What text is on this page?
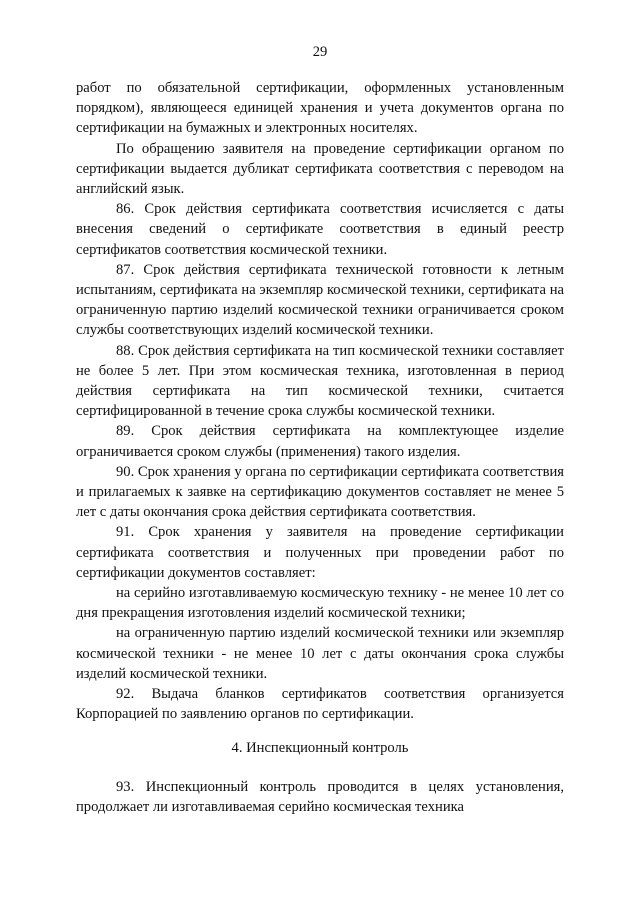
29

работ по обязательной сертификации, оформленных установленным порядком), являющееся единицей хранения и учета документов органа по сертификации на бумажных и электронных носителях.

По обращению заявителя на проведение сертификации органом по сертификации выдается дубликат сертификата соответствия с переводом на английский язык.

86. Срок действия сертификата соответствия исчисляется с даты внесения сведений о сертификате соответствия в единый реестр сертификатов соответствия космической техники.

87. Срок действия сертификата технической готовности к летным испытаниям, сертификата на экземпляр космической техники, сертификата на ограниченную партию изделий космической техники ограничивается сроком службы соответствующих изделий космической техники.

88. Срок действия сертификата на тип космической техники составляет не более 5 лет. При этом космическая техника, изготовленная в период действия сертификата на тип космической техники, считается сертифицированной в течение срока службы космической техники.

89. Срок действия сертификата на комплектующее изделие ограничивается сроком службы (применения) такого изделия.

90. Срок хранения у органа по сертификации сертификата соответствия и прилагаемых к заявке на сертификацию документов составляет не менее 5 лет с даты окончания срока действия сертификата соответствия.

91. Срок хранения у заявителя на проведение сертификации сертификата соответствия и полученных при проведении работ по сертификации документов составляет:

на серийно изготавливаемую космическую технику - не менее 10 лет со дня прекращения изготовления изделий космической техники;

на ограниченную партию изделий космической техники или экземпляр космической техники - не менее 10 лет с даты окончания срока службы изделий космической техники.

92. Выдача бланков сертификатов соответствия организуется Корпорацией по заявлению органов по сертификации.

4. Инспекционный контроль

93. Инспекционный контроль проводится в целях установления, продолжает ли изготавливаемая серийно космическая техника
